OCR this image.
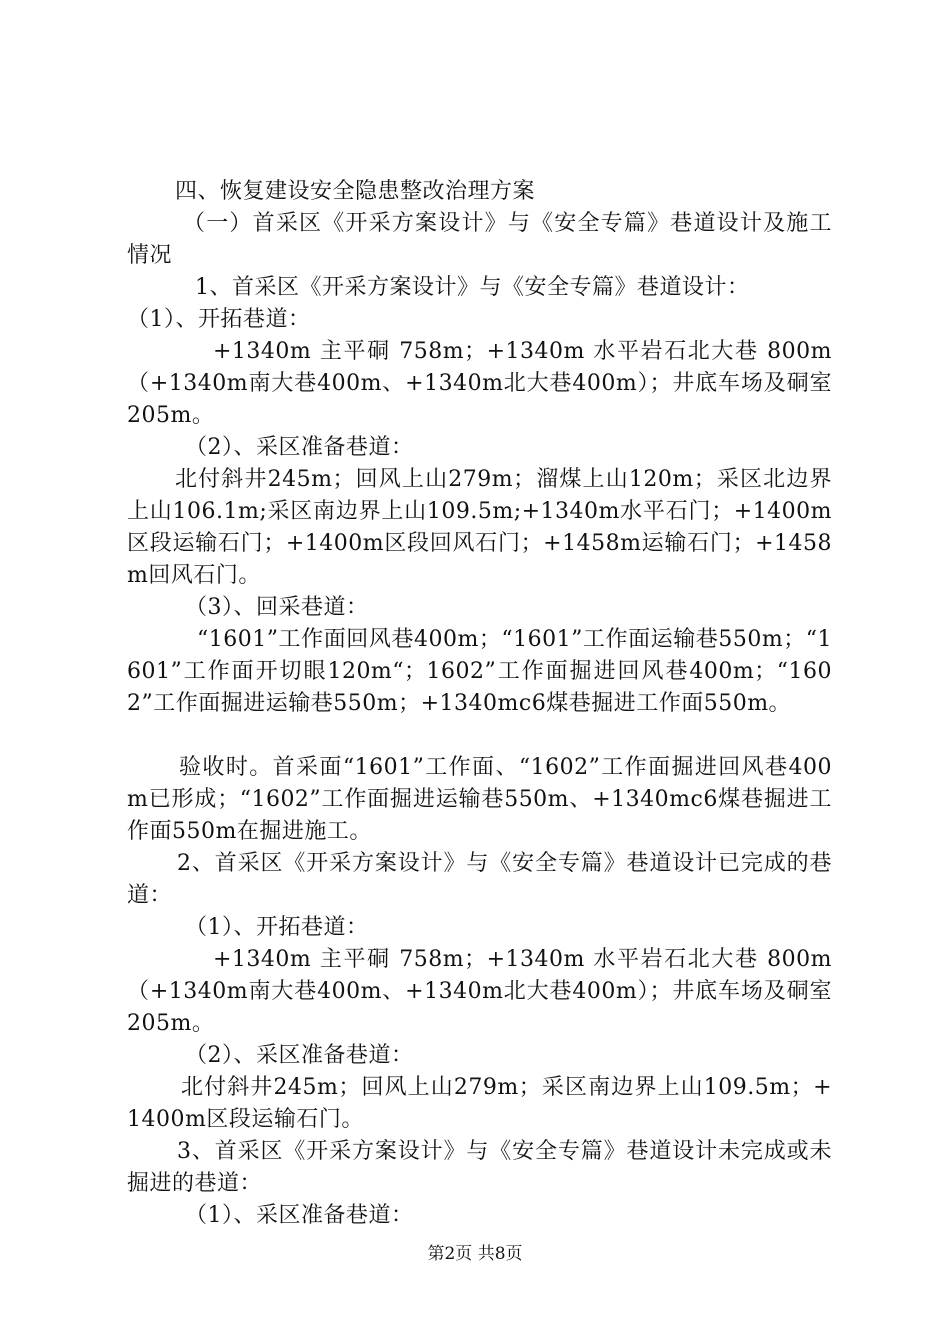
四、恢复建设安全隐患整改治理方案

（一）首采区《开采方案设计》与《安全专篇》巷道设计及施工情况

1、首采区《开采方案设计》与《安全专篇》巷道设计：

（1）、开拓巷道：

+1340m 主平硐 758m；+1340m 水平岩石北大巷 800m（+1340m南大巷400m、+1340m北大巷400m）；井底车场及硐室205m。

（2）、采区准备巷道：

北付斜井245m；回风上山279m；溜煤上山120m；采区北边界上山106.1m;采区南边界上山109.5m;+1340m水平石门；+1400m区段运输石门；+1400m区段回风石门；+1458m运输石门；+1458m回风石门。

（3）、回采巷道：

“1601”工作面回风巷400m；“1601”工作面运输巷550m；“1601”工作面开切眼120m“；1602”工作面掘进回风巷400m；“1602”工作面掘进运输巷550m；+1340mc6煤巷掘进工作面550m。

验收时。首采面“1601”工作面、“1602”工作面掘进回风巷400m已形成；“1602”工作面掘进运输巷550m、+1340mc6煤巷掘进工作面550m在掘进施工。

2、首采区《开采方案设计》与《安全专篇》巷道设计已完成的巷道：

（1）、开拓巷道：

+1340m 主平硐 758m；+1340m 水平岩石北大巷 800m（+1340m南大巷400m、+1340m北大巷400m）；井底车场及硐室205m。

（2）、采区准备巷道：

北付斜井245m；回风上山279m；采区南边界上山109.5m；+1400m区段运输石门。

3、首采区《开采方案设计》与《安全专篇》巷道设计未完成或未掘进的巷道：

（1）、采区准备巷道：

第2页 共8页
